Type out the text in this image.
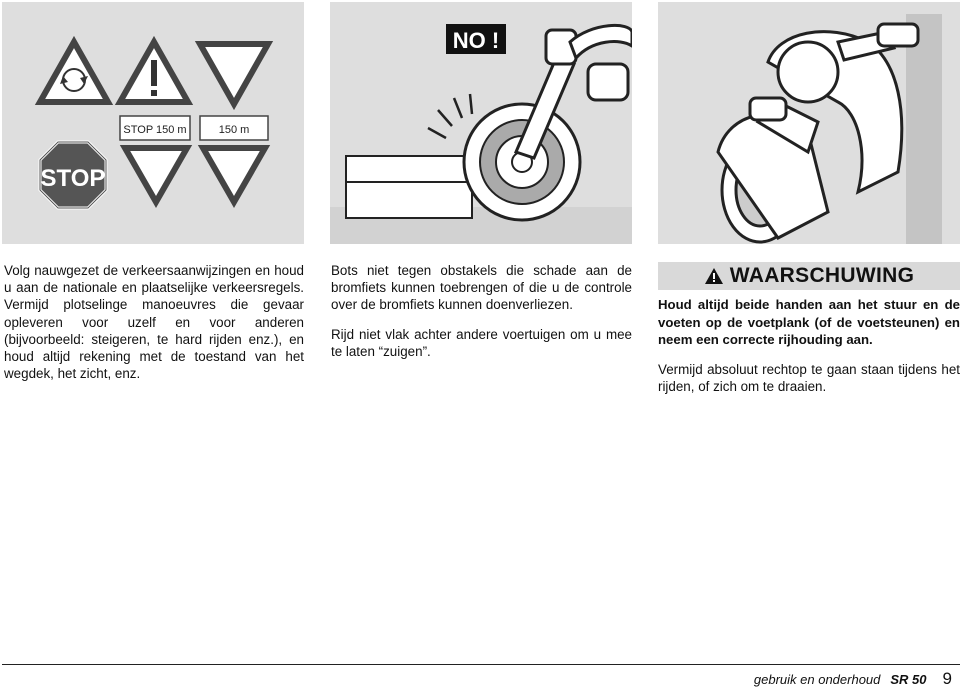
STOP 150 m	150 m
STOP
NO !

Volg nauwgezet de verkeersaanwijzingen en houd u aan de nationale en plaatselijke verkeersregels. Vermijd plotselinge manoeuvres die gevaar opleveren voor uzelf en voor anderen (bijvoorbeeld: steigeren, te hard rijden enz.), en houd altijd rekening met de toestand van het wegdek, het zicht, enz.

Bots niet tegen obstakels die schade aan de bromfiets kunnen toebrengen of die u de controle over de bromfiets kunnen doenverliezen.

Rijd niet vlak achter andere voertuigen om u mee te laten “zuigen”.

WAARSCHUWING

Houd altijd beide handen aan het stuur en de voeten op de voetplank (of de voetsteunen) en neem een correcte rijhouding aan.

Vermijd absoluut rechtop te gaan staan tijdens het rijden, of zich om te draaien.

gebruik en onderhoud SR 50 9
